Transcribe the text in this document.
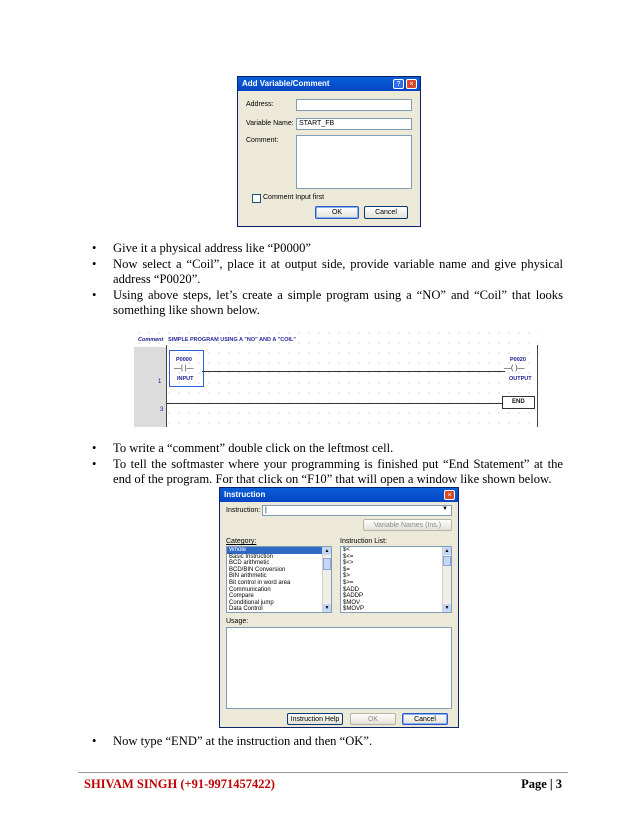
Add Variable/Comment	?	×
Address:
Variable Name: START_FB
Comment:
Comment Input first
OK	Cancel
• Give it a physical address like “P0000”
• Now select a “Coil”, place it at output side, provide variable name and give physical address “P0020”.
• Using above steps, let’s create a simple program using a “NO” and “Coil” that looks something like shown below.
Comment SIMPLE PROGRAM USING A "NO" AND A "COIL"
1
3
P0000
—| |—
INPUT
P0020
—( )—
OUTPUT
END
• To write a “comment” double click on the leftmost cell.
• To tell the softmaster where your programming is finished put “End Statement” at the end of the program. For that click on “F10” that will open a window like shown below.
Instruction	×
Instruction: |	▼
Variable Names (Ins.)
Category:	Instruction List:
Whole
Basic Instruction
BCD arithmetic
BCD/BIN Conversion
BIN arithmetic
Bit control in word area
Communication
Compare
Conditional jump
Data Control
▲
▼
$<
$<=
$<>
$=
$>
$>=
$ADD
$ADDP
$MOV
$MOVP
▲
▼
Usage:
Instruction Help	OK	Cancel
• Now type “END” at the instruction and then “OK”.
SHIVAM SINGH (+91-9971457422)	Page | 3
